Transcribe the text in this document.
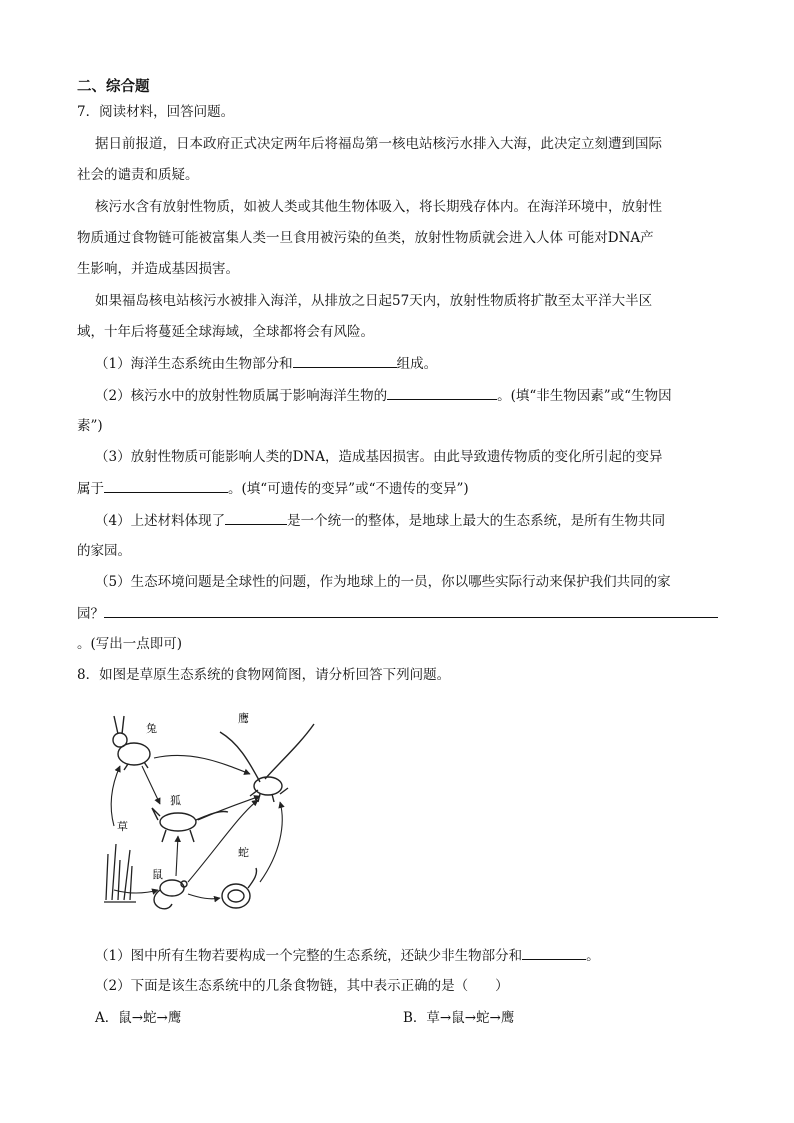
二、综合题
7．阅读材料，回答问题。
据日前报道，日本政府正式决定两年后将福岛第一核电站核污水排入大海，此决定立刻遭到国际
社会的谴责和质疑。
核污水含有放射性物质，如被人类或其他生物体吸入，将长期残存体内。在海洋环境中，放射性
物质通过食物链可能被富集人类一旦食用被污染的鱼类，放射性物质就会进入人体 可能对DNA产
生影响，并造成基因损害。
如果福岛核电站核污水被排入海洋，从排放之日起57天内，放射性物质将扩散至太平洋大半区
域，十年后将蔓延全球海域，全球都将会有风险。
（1）海洋生态系统由生物部分和	组成。
（2）核污水中的放射性物质属于影响海洋生物的	。(填“非生物因素”或“生物因
素”)
（3）放射性物质可能影响人类的DNA，造成基因损害。由此导致遗传物质的变化所引起的变异
属于	。(填“可遗传的变异”或“不遗传的变异”)
（4）上述材料体现了	是一个统一的整体，是地球上最大的生态系统，是所有生物共同
的家园。
（5）生态环境问题是全球性的问题，作为地球上的一员，你以哪些实际行动来保护我们共同的家
园？
。(写出一点即可)
8．如图是草原生态系统的食物网简图，请分析回答下列问题。
兔
鹰
狐
草
鼠
蛇
（1）图中所有生物若要构成一个完整的生态系统，还缺少非生物部分和	。
（2）下面是该生态系统中的几条食物链，其中表示正确的是（　　）
A．鼠→蛇→鹰	B．草→鼠→蛇→鹰
